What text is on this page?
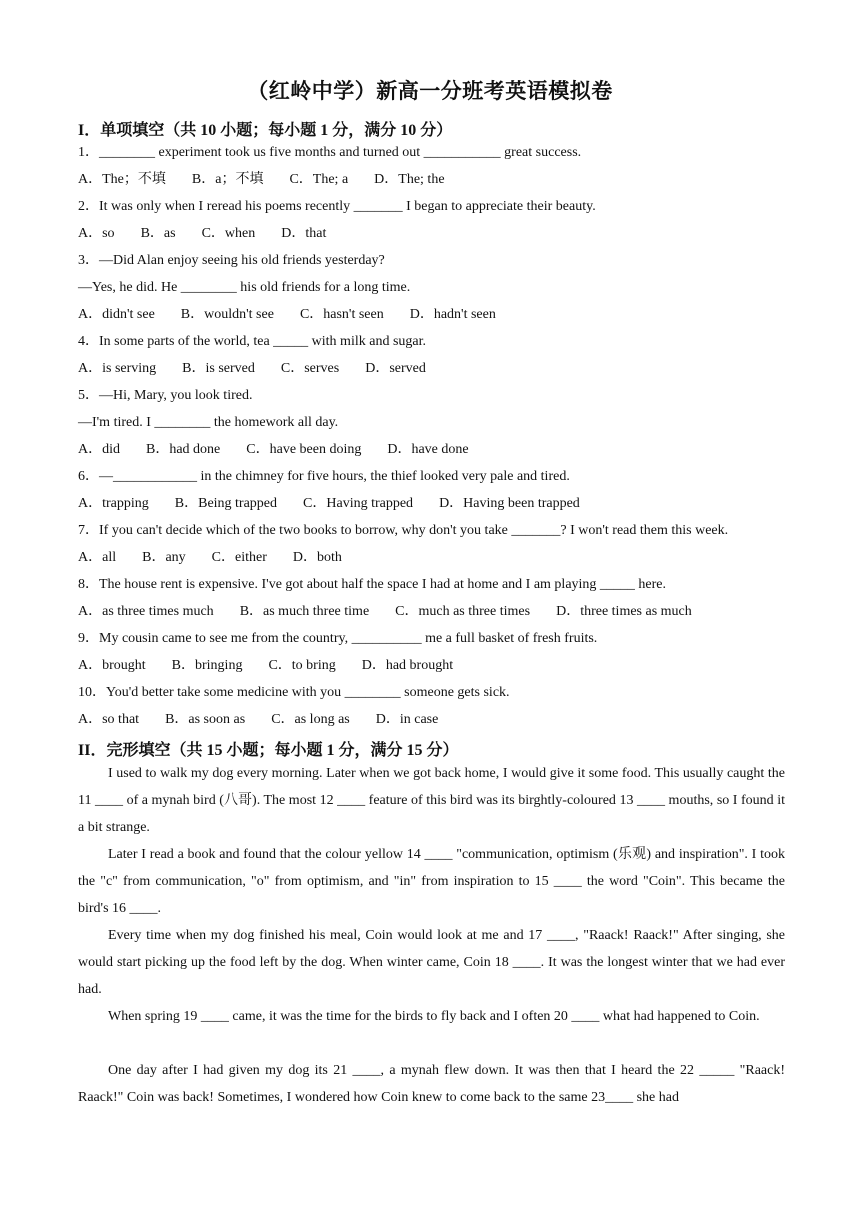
（红岭中学）新高一分班考英语模拟卷
I．单项填空（共 10 小题；每小题 1 分，满分 10 分）
1．________ experiment took us five months and turned out ___________ great success.
A．The；不填 B．a；不填 C．The; a D．The; the
2．It was only when I reread his poems recently _______ I began to appreciate their beauty.
A．so B．as C．when D．that
3．—Did Alan enjoy seeing his old friends yesterday?
—Yes, he did. He ________ his old friends for a long time.
A．didn't see B．wouldn't see C．hasn't seen D．hadn't seen
4．In some parts of the world, tea _____ with milk and sugar.
A．is serving B．is served C．serves D．served
5．—Hi, Mary, you look tired.
—I'm tired. I ________ the homework all day.
A．did B．had done C．have been doing D．have done
6．—____________ in the chimney for five hours, the thief looked very pale and tired.
A．trapping B．Being trapped C．Having trapped D．Having been trapped
7．If you can't decide which of the two books to borrow, why don't you take _______? I won't read them this week.
A．all B．any C．either D．both
8．The house rent is expensive. I've got about half the space I had at home and I am playing _____ here.
A．as three times much B．as much three time C．much as three times D．three times as much
9．My cousin came to see me from the country, __________ me a full basket of fresh fruits.
A．brought B．bringing C．to bring D．had brought
10．You'd better take some medicine with you ________ someone gets sick.
A．so that B．as soon as C．as long as D．in case
II．完形填空（共 15 小题；每小题 1 分，满分 15 分）
I used to walk my dog every morning. Later when we got back home, I would give it some food. This usually caught the 11 ____ of a mynah bird (八哥). The most 12 ____ feature of this bird was its birghtly-coloured 13 ____ mouths, so I found it a bit strange.
Later I read a book and found that the colour yellow 14 ____ "communication, optimism (乐观) and inspiration". I took the "c" from communication, "o" from optimism, and "in" from inspiration to 15 ____ the word "Coin". This became the bird's 16 ____.
Every time when my dog finished his meal, Coin would look at me and 17 ____, "Raack! Raack!" After singing, she would start picking up the food left by the dog. When winter came, Coin 18 ____. It was the longest winter that we had ever had.
When spring 19 ____ came, it was the time for the birds to fly back and I often 20 ____ what had happened to Coin.
One day after I had given my dog its 21 ____, a mynah flew down. It was then that I heard the 22 _____ "Raack! Raack!" Coin was back! Sometimes, I wondered how Coin knew to come back to the same 23____ she had
